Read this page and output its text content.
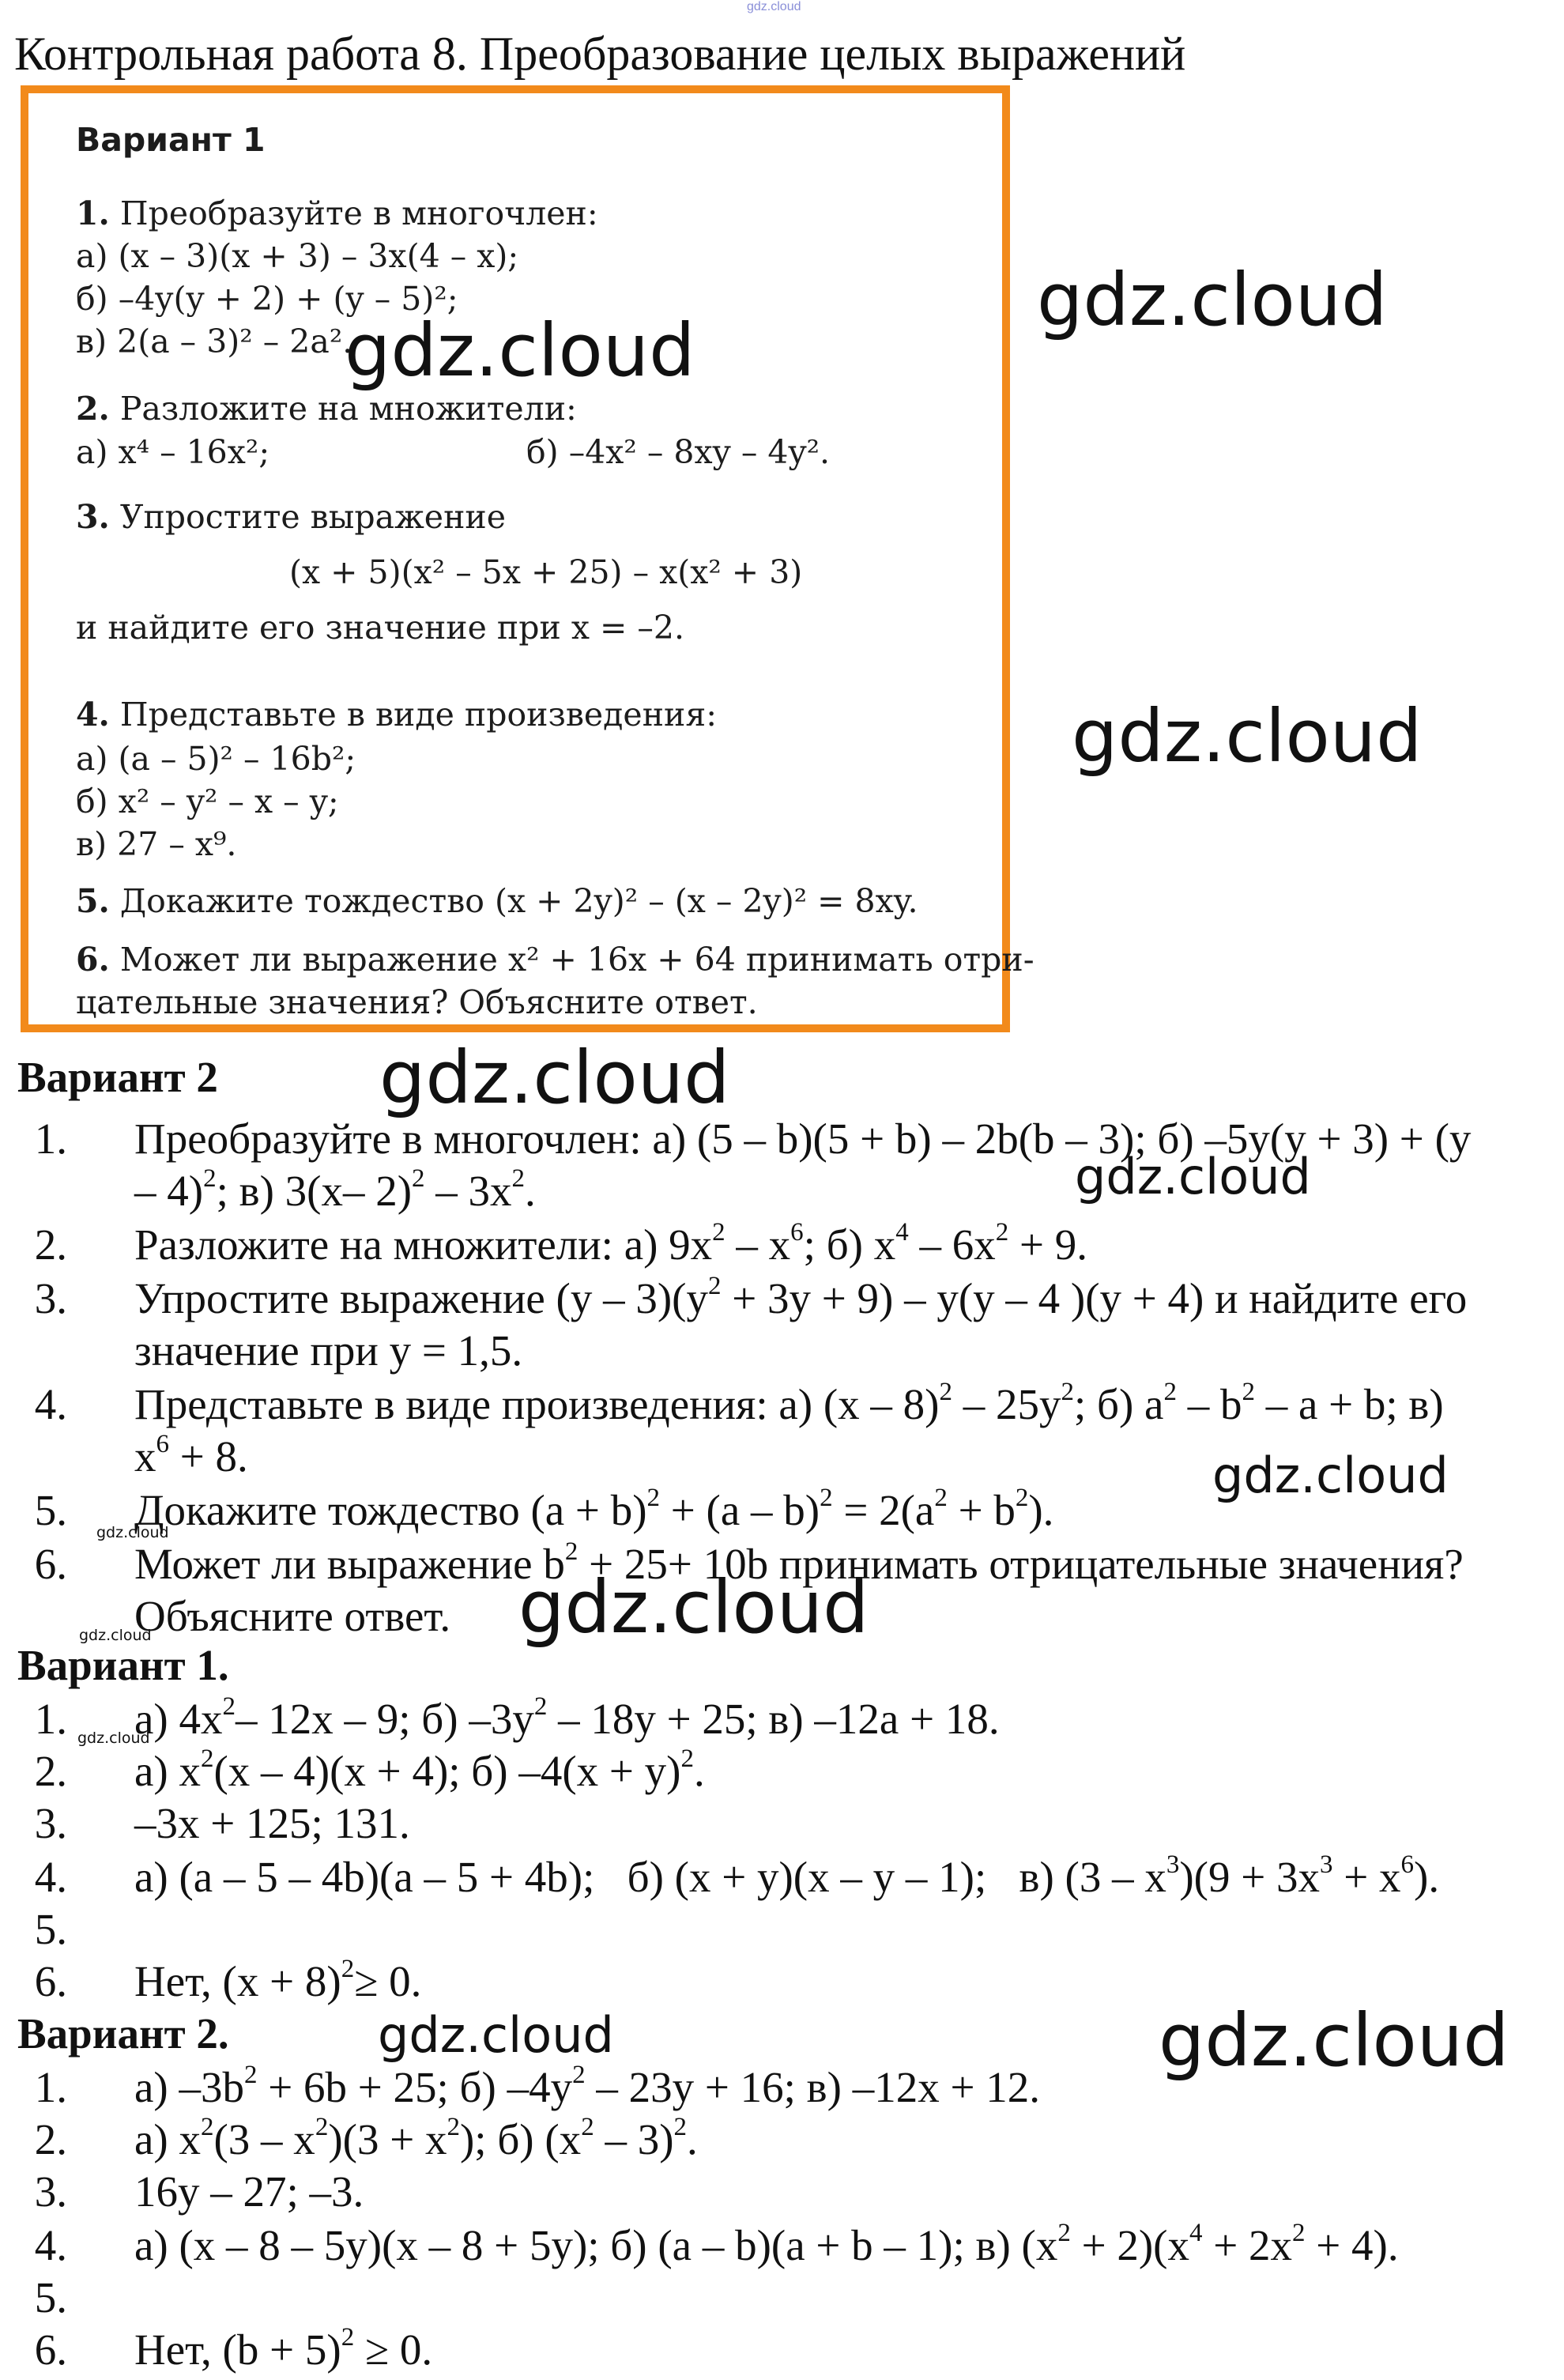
gdz.cloud
Контрольная работа 8. Преобразование целых выражений
Вариант 1
1. Преобразуйте в многочлен:
а) (x – 3)(x + 3) – 3x(4 – x);
б) –4y(y + 2) + (y – 5)²;
в) 2(a – 3)² – 2a².
2. Разложите на множители:
а) x⁴ – 16x²;	б) –4x² – 8xy – 4y².
3. Упростите выражение
(x + 5)(x² – 5x + 25) – x(x² + 3)
и найдите его значение при x = –2.
4. Представьте в виде произведения:
а) (a – 5)² – 16b²;
б) x² – y² – x – y;
в) 27 – x⁹.
5. Докажите тождество (x + 2y)² – (x – 2y)² = 8xy.
6. Может ли выражение x² + 16x + 64 принимать отри-
цательные значения? Объясните ответ.
Вариант 2
1. Преобразуйте в многочлен: а) (5 – b)(5 + b) – 2b(b – 3); б) –5y(y + 3) + (y
– 4)$^2$; в) 3(x– $2)^2 - 3x^2$.
2. Разложите на множители: а) $9x^2 - x^6$; б) $x^4 - 6x^2 + 9$.
3. Упростите выражение $(y - 3)(y^2 + 3y + 9) - y(y - 4$ )(y + 4) и найдите его
значение при y = 1,5.
4. Представьте в виде произведения: а) $(x - 8)^2 - 25y^2$; б) $a^2 - b^2 - a + b$; в)
$x^6 + 8$.
5. Докажите тождество $(a + b)^2 + (a - b)^2 = 2(a^2 + b^2)$.
6. Может ли выражение $b^2 + 25+ 10b$ принимать отрицательные значения?
Объясните ответ.
Вариант 1.
1. а) $4x^2-$ 12x – 9; б) $-3y^2 - 18y + 25$; в) –12a + 18.
2. а) $x^2(x - 4)(x + 4)$; б) $-4(x + y)^2$.
3. –3x + 125; 131.
4. а) (a – 5 – 4b)(a – 5 + 4b);   б) (x + y)(x – y – 1);   в) $(3 - x^3)(9 + 3x^3 + x^6)$.
5.
6. Нет, $(x + 8)^2\ge 0$.
Вариант 2.
1. а) $-3b^2 + 6b + 25$; б) $-4y^2 - 23y + 16$; в) –12x + 12.
2. а) $x^2(3 - x^2)(3 + x^2)$; б) $(x^2 - 3)^2$.
3. 16y – 27; –3.
4. а) (x – 8 – 5y)(x – 8 + 5y); б) (a – b)(a + b – 1); в) $(x^2 + 2)(x^4 + 2x^2 + 4)$.
5.
6. Нет, $(b + 5)^2 \ge 0$.
gdz.cloud
gdz.cloud
gdz.cloud
gdz.cloud
gdz.cloud
gdz.cloud
gdz.cloud
gdz.cloud
gdz.cloud
gdz.cloud
gdz.cloud	gdz.cloud
